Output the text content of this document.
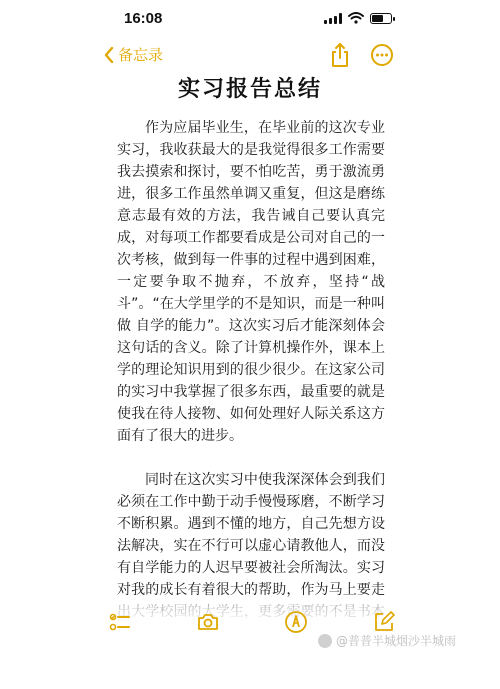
16:08
备忘录
实习报告总结

作为应届毕业生，在毕业前的这次专业实习，我收获最大的是我觉得很多工作需要我去摸索和探讨，要不怕吃苦，勇于激流勇进，很多工作虽然单调又重复，但这是磨练意志最有效的方法，我告诫自己要认真完成，对每项工作都要看成是公司对自己的一次考核，做到每一件事的过程中遇到困难，一定要争取不抛弃，不放弃，坚持“战斗”。“在大学里学的不是知识，而是一种叫做 自学的能力”。这次实习后才能深刻体会这句话的含义。除了计算机操作外，课本上学的理论知识用到的很少很少。在这家公司的实习中我掌握了很多东西，最重要的就是使我在待人接物、如何处理好人际关系这方面有了很大的进步。

同时在这次实习中使我深深体会到我们必须在工作中勤于动手慢慢琢磨，不断学习不断积累。遇到不懂的地方，自己先想方设法解决，实在不行可以虚心请教他人，而没有自学能力的人迟早要被社会所淘汰。实习对我的成长有着很大的帮助，作为马上要走

@普普半城烟沙半城雨
